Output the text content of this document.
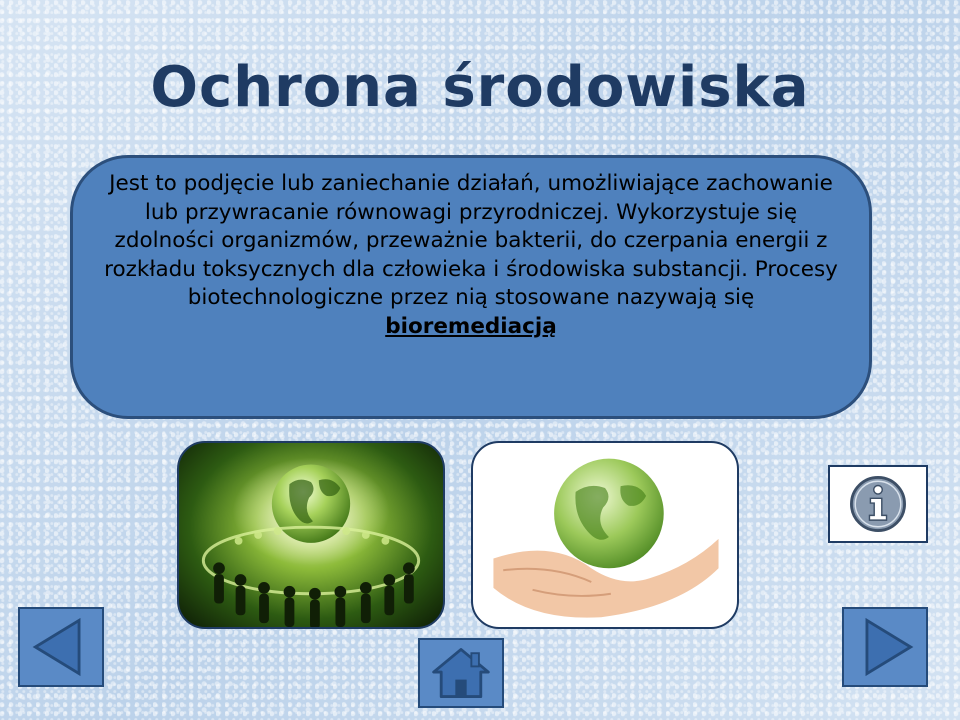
Ochrona środowiska
Jest to podjęcie lub zaniechanie działań, umożliwiające zachowanie lub przywracanie równowagi przyrodniczej. Wykorzystuje się zdolności organizmów, przeważnie bakterii, do czerpania energii z rozkładu toksycznych dla człowieka i środowiska substancji. Procesy biotechnologiczne przez nią stosowane nazywają się
bioremediacją
